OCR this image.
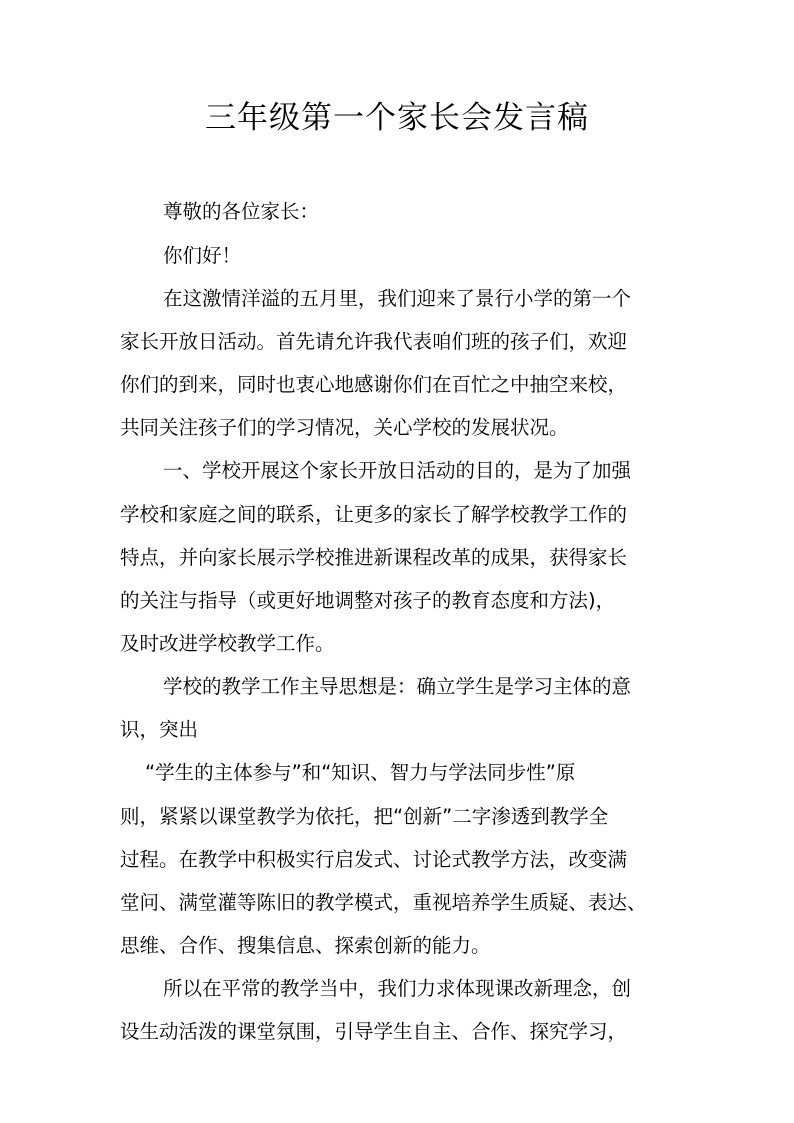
三年级第一个家长会发言稿
尊敬的各位家长：
你们好！
在这激情洋溢的五月里，我们迎来了景行小学的第一个
家长开放日活动。首先请允许我代表咱们班的孩子们，欢迎
你们的到来，同时也衷心地感谢你们在百忙之中抽空来校，
共同关注孩子们的学习情况，关心学校的发展状况。
一、学校开展这个家长开放日活动的目的，是为了加强
学校和家庭之间的联系，让更多的家长了解学校教学工作的
特点，并向家长展示学校推进新课程改革的成果，获得家长
的关注与指导（或更好地调整对孩子的教育态度和方法)，
及时改进学校教学工作。
学校的教学工作主导思想是：确立学生是学习主体的意
识，突出
“学生的主体参与”和“知识、智力与学法同步性”原
则，紧紧以课堂教学为依托，把“创新”二字渗透到教学全
过程。在教学中积极实行启发式、讨论式教学方法，改变满
堂问、满堂灌等陈旧的教学模式，重视培养学生质疑、表达、
思维、合作、搜集信息、探索创新的能力。
所以在平常的教学当中，我们力求体现课改新理念，创
设生动活泼的课堂氛围，引导学生自主、合作、探究学习，
